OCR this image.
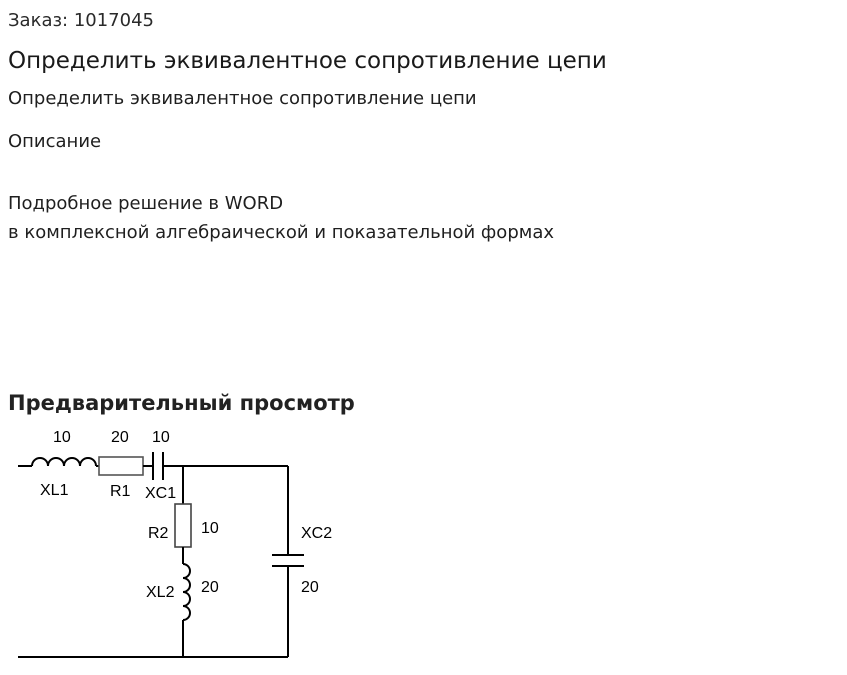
Заказ: 1017045
Определить эквивалентное сопротивление цепи
Определить эквивалентное сопротивление цепи
Описание
Подробное решение в WORD
в комплексной алгебраической и показательной формах
Предварительный просмотр
10
XL1
20
R1
10
XC1
R2 10
XL2 20
XC2
20
